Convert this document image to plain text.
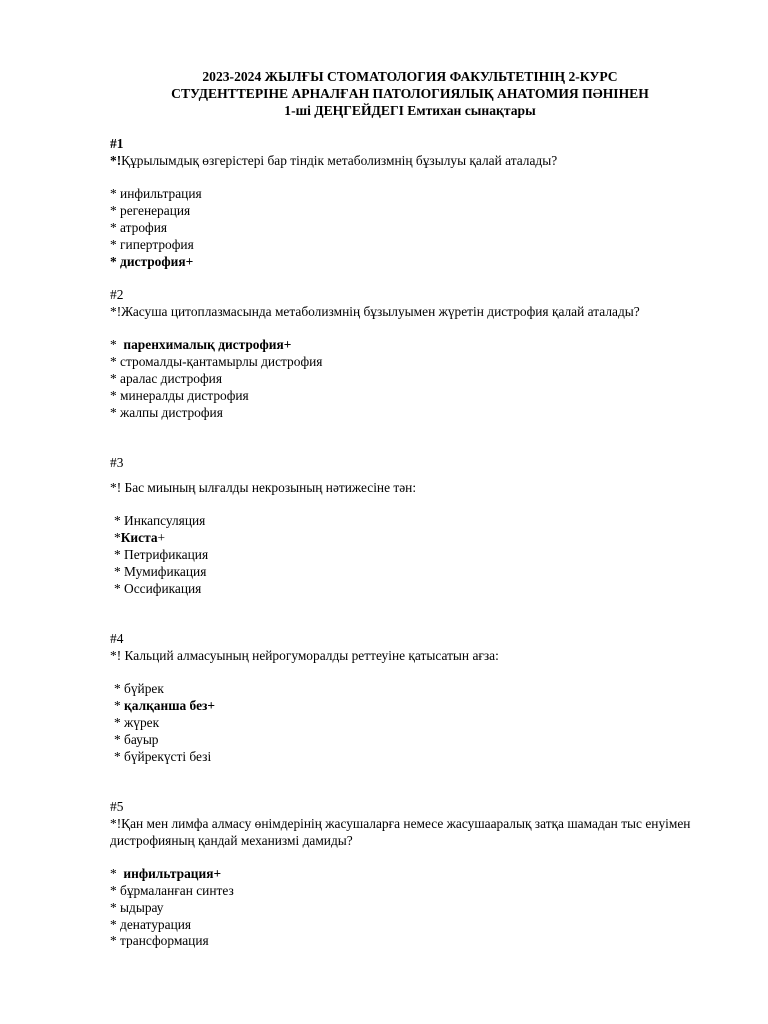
2023-2024 ЖЫЛҒЫ СТОМАТОЛОГИЯ ФАКУЛЬТЕТІНІҢ 2-КУРС
СТУДЕНТТЕРІНЕ АРНАЛҒАН ПАТОЛОГИЯЛЫҚ АНАТОМИЯ ПӘНІНЕН
1-ші ДЕҢГЕЙДЕГІ Емтихан сынақтары
#1
*!Құрылымдық өзгерістері бар тіндік метаболизмнің бұзылуы қалай аталады?
* инфильтрация
* регенерация
* атрофия
* гипертрофия
* дистрофия+
#2
*!Жасуша цитоплазмасында метаболизмнің бұзылуымен жүретін дистрофия қалай аталады?
*  паренхималық дистрофия+
* стромалды-қантамырлы дистрофия
* аралас дистрофия
* минералды дистрофия
* жалпы дистрофия
#3
*! Бас миының ылғалды некрозының нәтижесіне тән:
* Инкапсуляция
*Киста+
* Петрификация
* Мумификация
* Оссификация
#4
*! Кальций алмасуының нейрогуморалды реттеуіне қатысатын ағза:
* бүйрек
* қалқанша без+
* жүрек
* бауыр
* бүйрекүсті безі
#5
*!Қан мен лимфа алмасу өнімдерінің жасушаларға немесе жасушааралық затқа шамадан тыс енуімен дистрофияның қандай механизмі дамиды?
*  инфильтрация+
* бұрмаланған синтез
* ыдырау
* денатурация
* трансформация
